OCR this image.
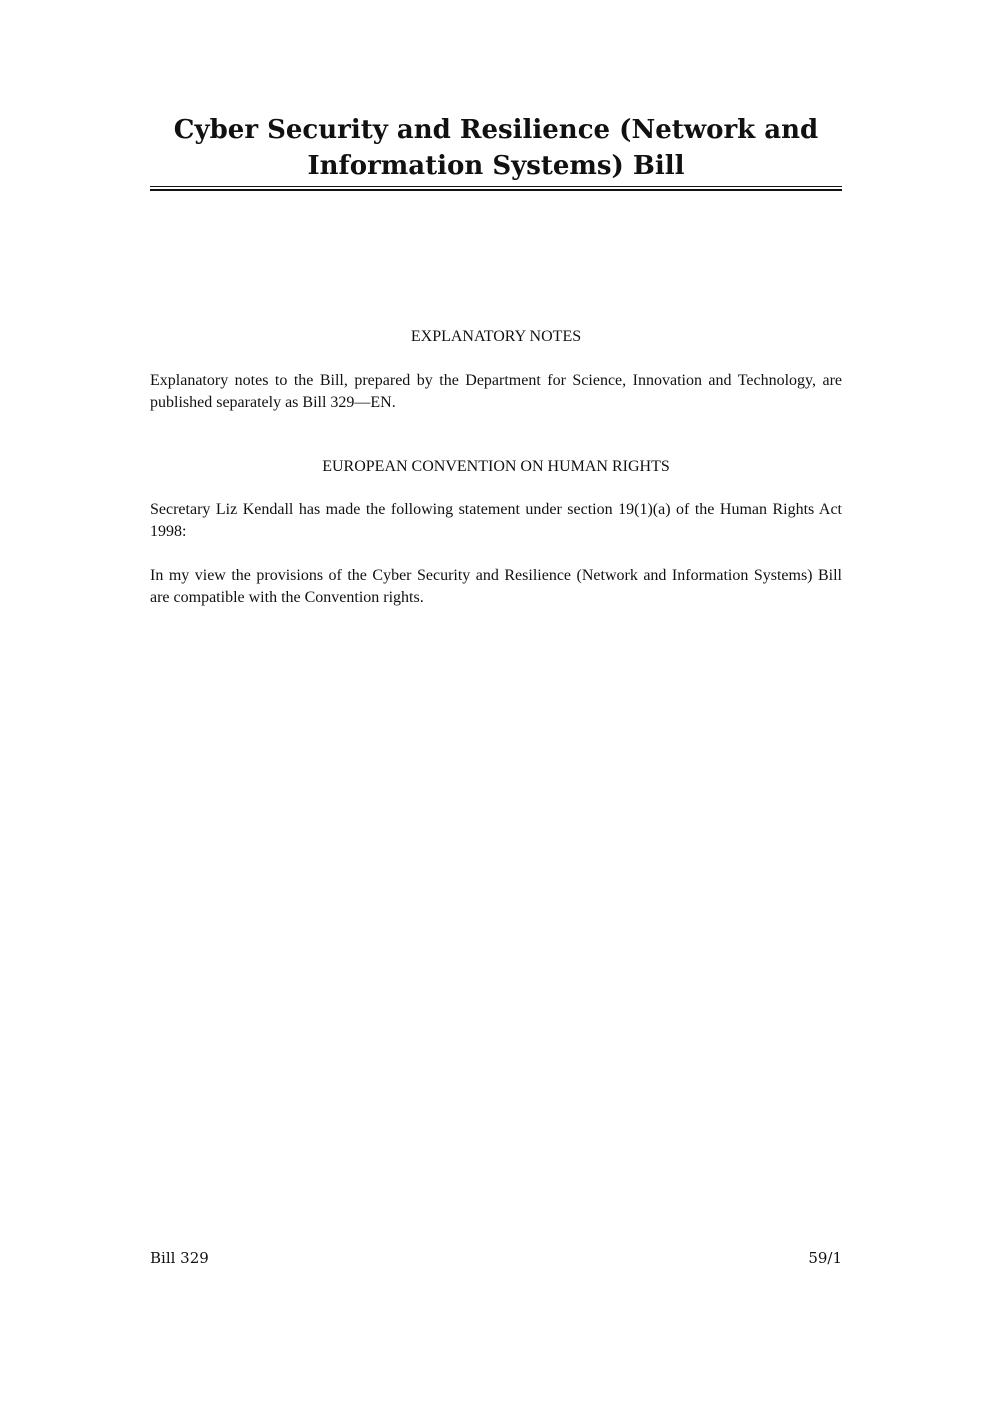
Cyber Security and Resilience (Network and
Information Systems) Bill
EXPLANATORY NOTES

Explanatory notes to the Bill, prepared by the Department for Science, Innovation and Technology, are published separately as Bill 329—EN.

EUROPEAN CONVENTION ON HUMAN RIGHTS

Secretary Liz Kendall has made the following statement under section 19(1)(a) of the Human Rights Act 1998:

In my view the provisions of the Cyber Security and Resilience (Network and Information Systems) Bill are compatible with the Convention rights.

Bill 329	59/1
